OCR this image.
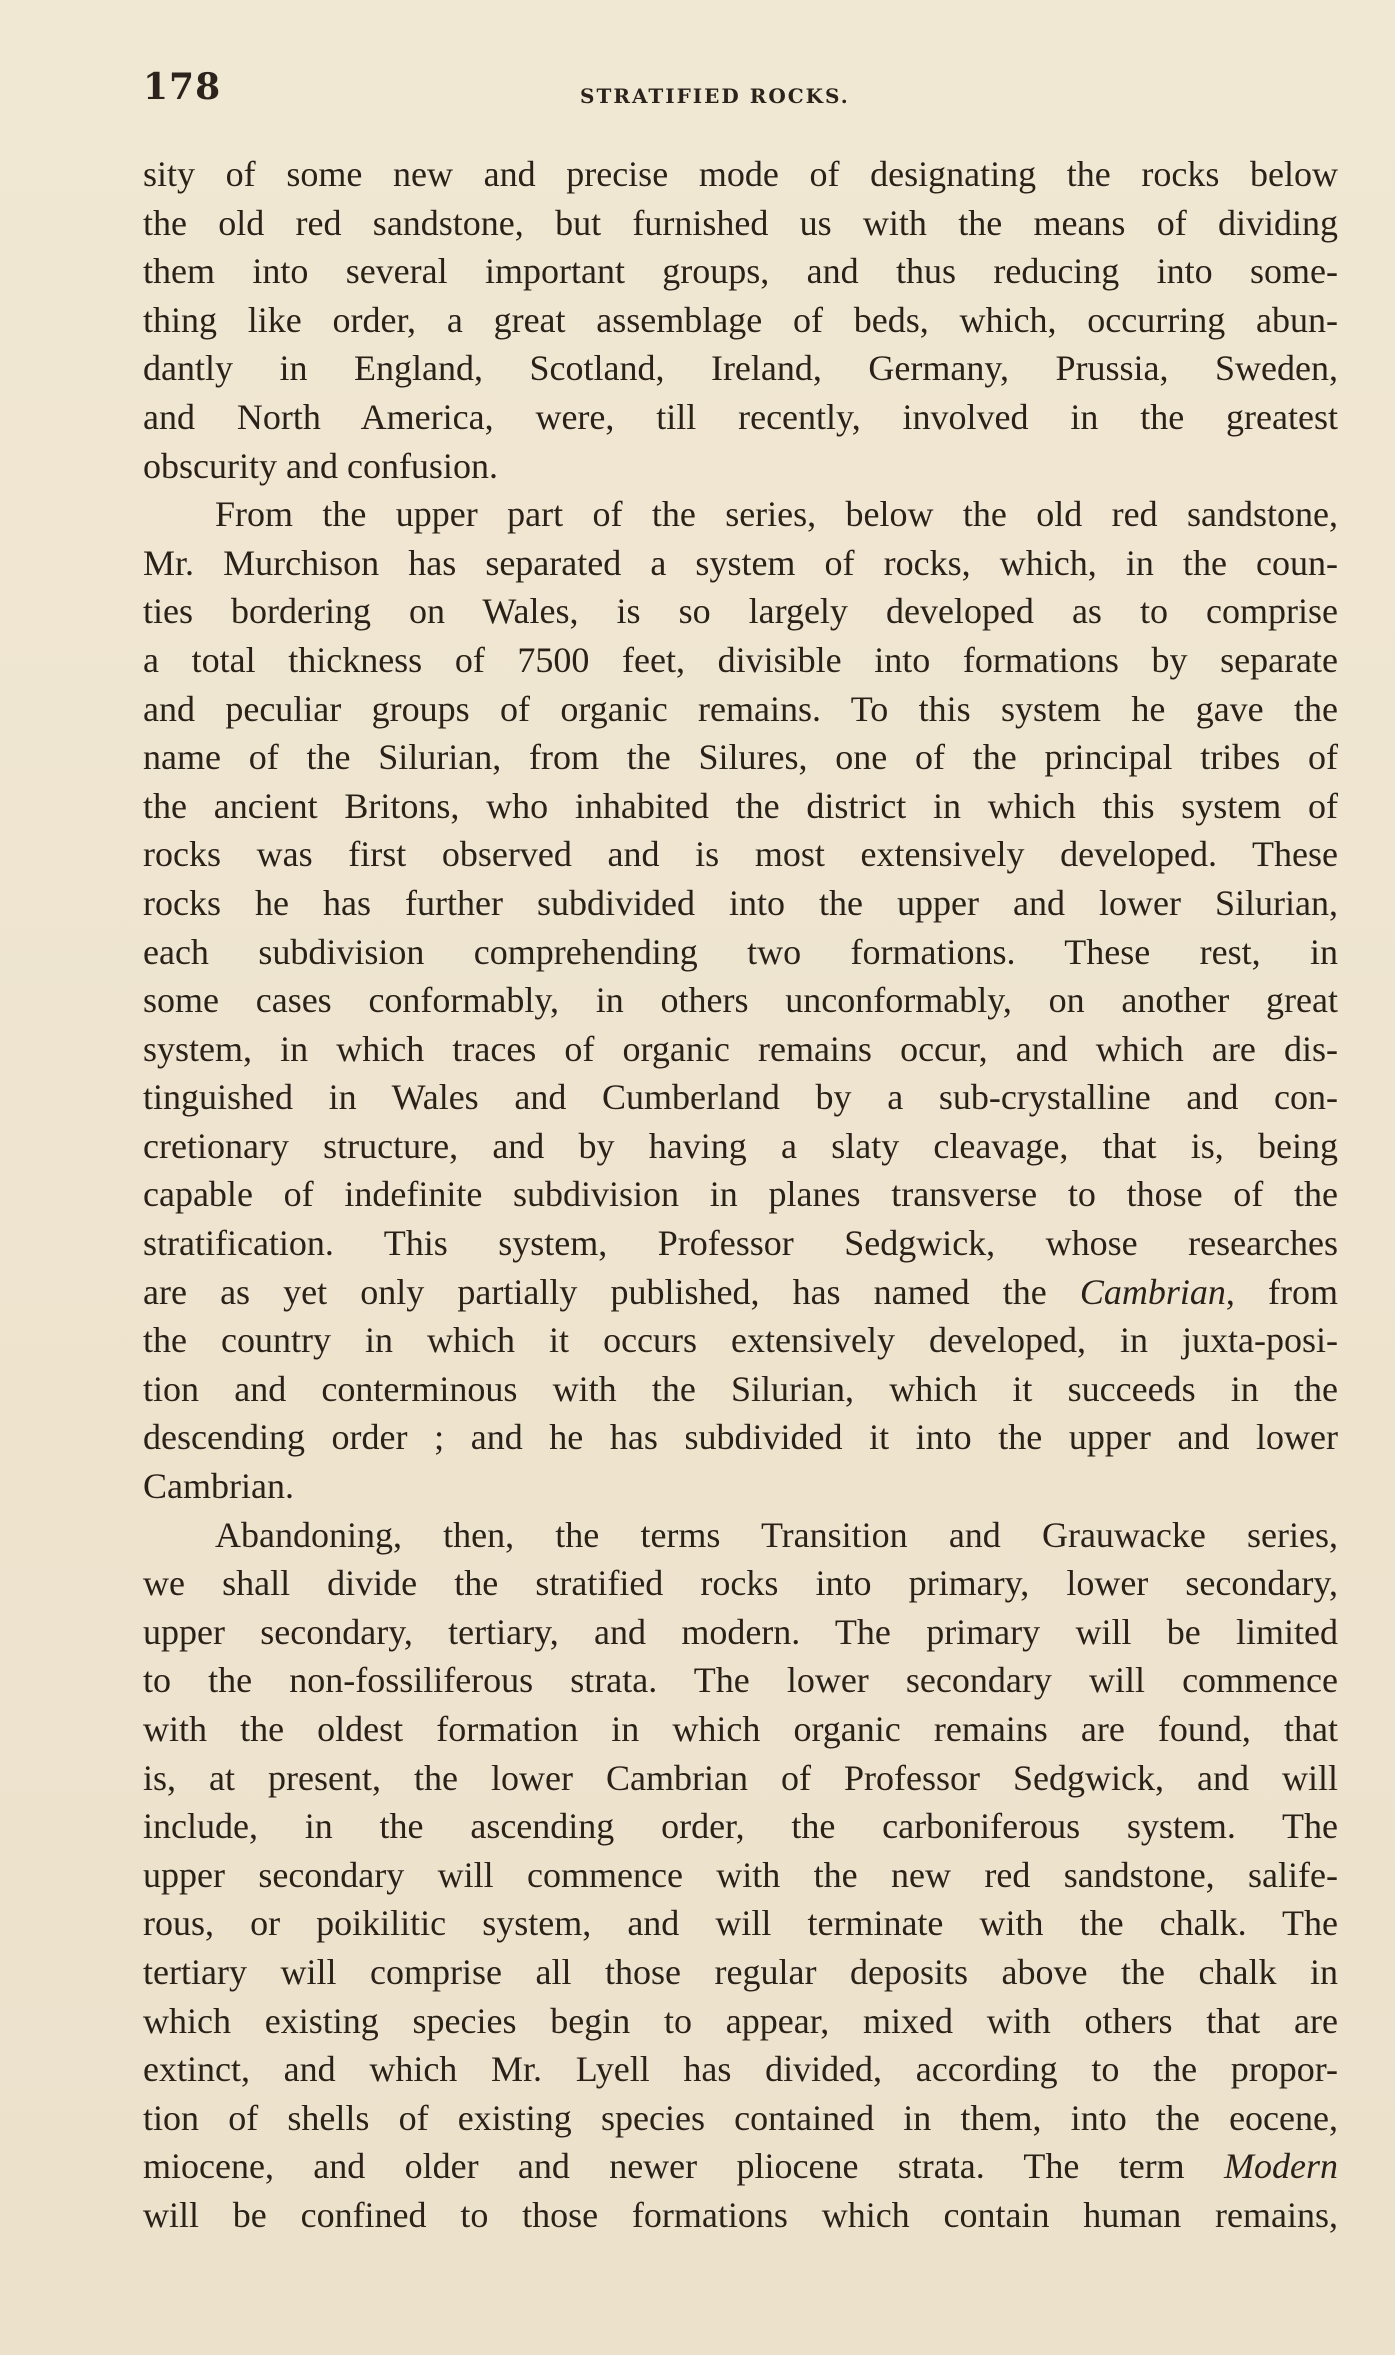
178	STRATIFIED ROCKS.
sity of some new and precise mode of designating the rocks below
the old red sandstone, but furnished us with the means of dividing
them into several important groups, and thus reducing into some-
thing like order, a great assemblage of beds, which, occurring abun-
dantly in England, Scotland, Ireland, Germany, Prussia, Sweden,
and North America, were, till recently, involved in the greatest
obscurity and confusion.
From the upper part of the series, below the old red sandstone,
Mr. Murchison has separated a system of rocks, which, in the coun-
ties bordering on Wales, is so largely developed as to comprise
a total thickness of 7500 feet, divisible into formations by separate
and peculiar groups of organic remains. To this system he gave the
name of the Silurian, from the Silures, one of the principal tribes of
the ancient Britons, who inhabited the district in which this system of
rocks was first observed and is most extensively developed. These
rocks he has further subdivided into the upper and lower Silurian,
each subdivision comprehending two formations. These rest, in
some cases conformably, in others unconformably, on another great
system, in which traces of organic remains occur, and which are dis-
tinguished in Wales and Cumberland by a sub-crystalline and con-
cretionary structure, and by having a slaty cleavage, that is, being
capable of indefinite subdivision in planes transverse to those of the
stratification. This system, Professor Sedgwick, whose researches
are as yet only partially published, has named the Cambrian, from
the country in which it occurs extensively developed, in juxta-posi-
tion and conterminous with the Silurian, which it succeeds in the
descending order ; and he has subdivided it into the upper and lower
Cambrian.
Abandoning, then, the terms Transition and Grauwacke series,
we shall divide the stratified rocks into primary, lower secondary,
upper secondary, tertiary, and modern. The primary will be limited
to the non-fossiliferous strata. The lower secondary will commence
with the oldest formation in which organic remains are found, that
is, at present, the lower Cambrian of Professor Sedgwick, and will
include, in the ascending order, the carboniferous system. The
upper secondary will commence with the new red sandstone, salife-
rous, or poikilitic system, and will terminate with the chalk. The
tertiary will comprise all those regular deposits above the chalk in
which existing species begin to appear, mixed with others that are
extinct, and which Mr. Lyell has divided, according to the propor-
tion of shells of existing species contained in them, into the eocene,
miocene, and older and newer pliocene strata. The term Modern
will be confined to those formations which contain human remains,
